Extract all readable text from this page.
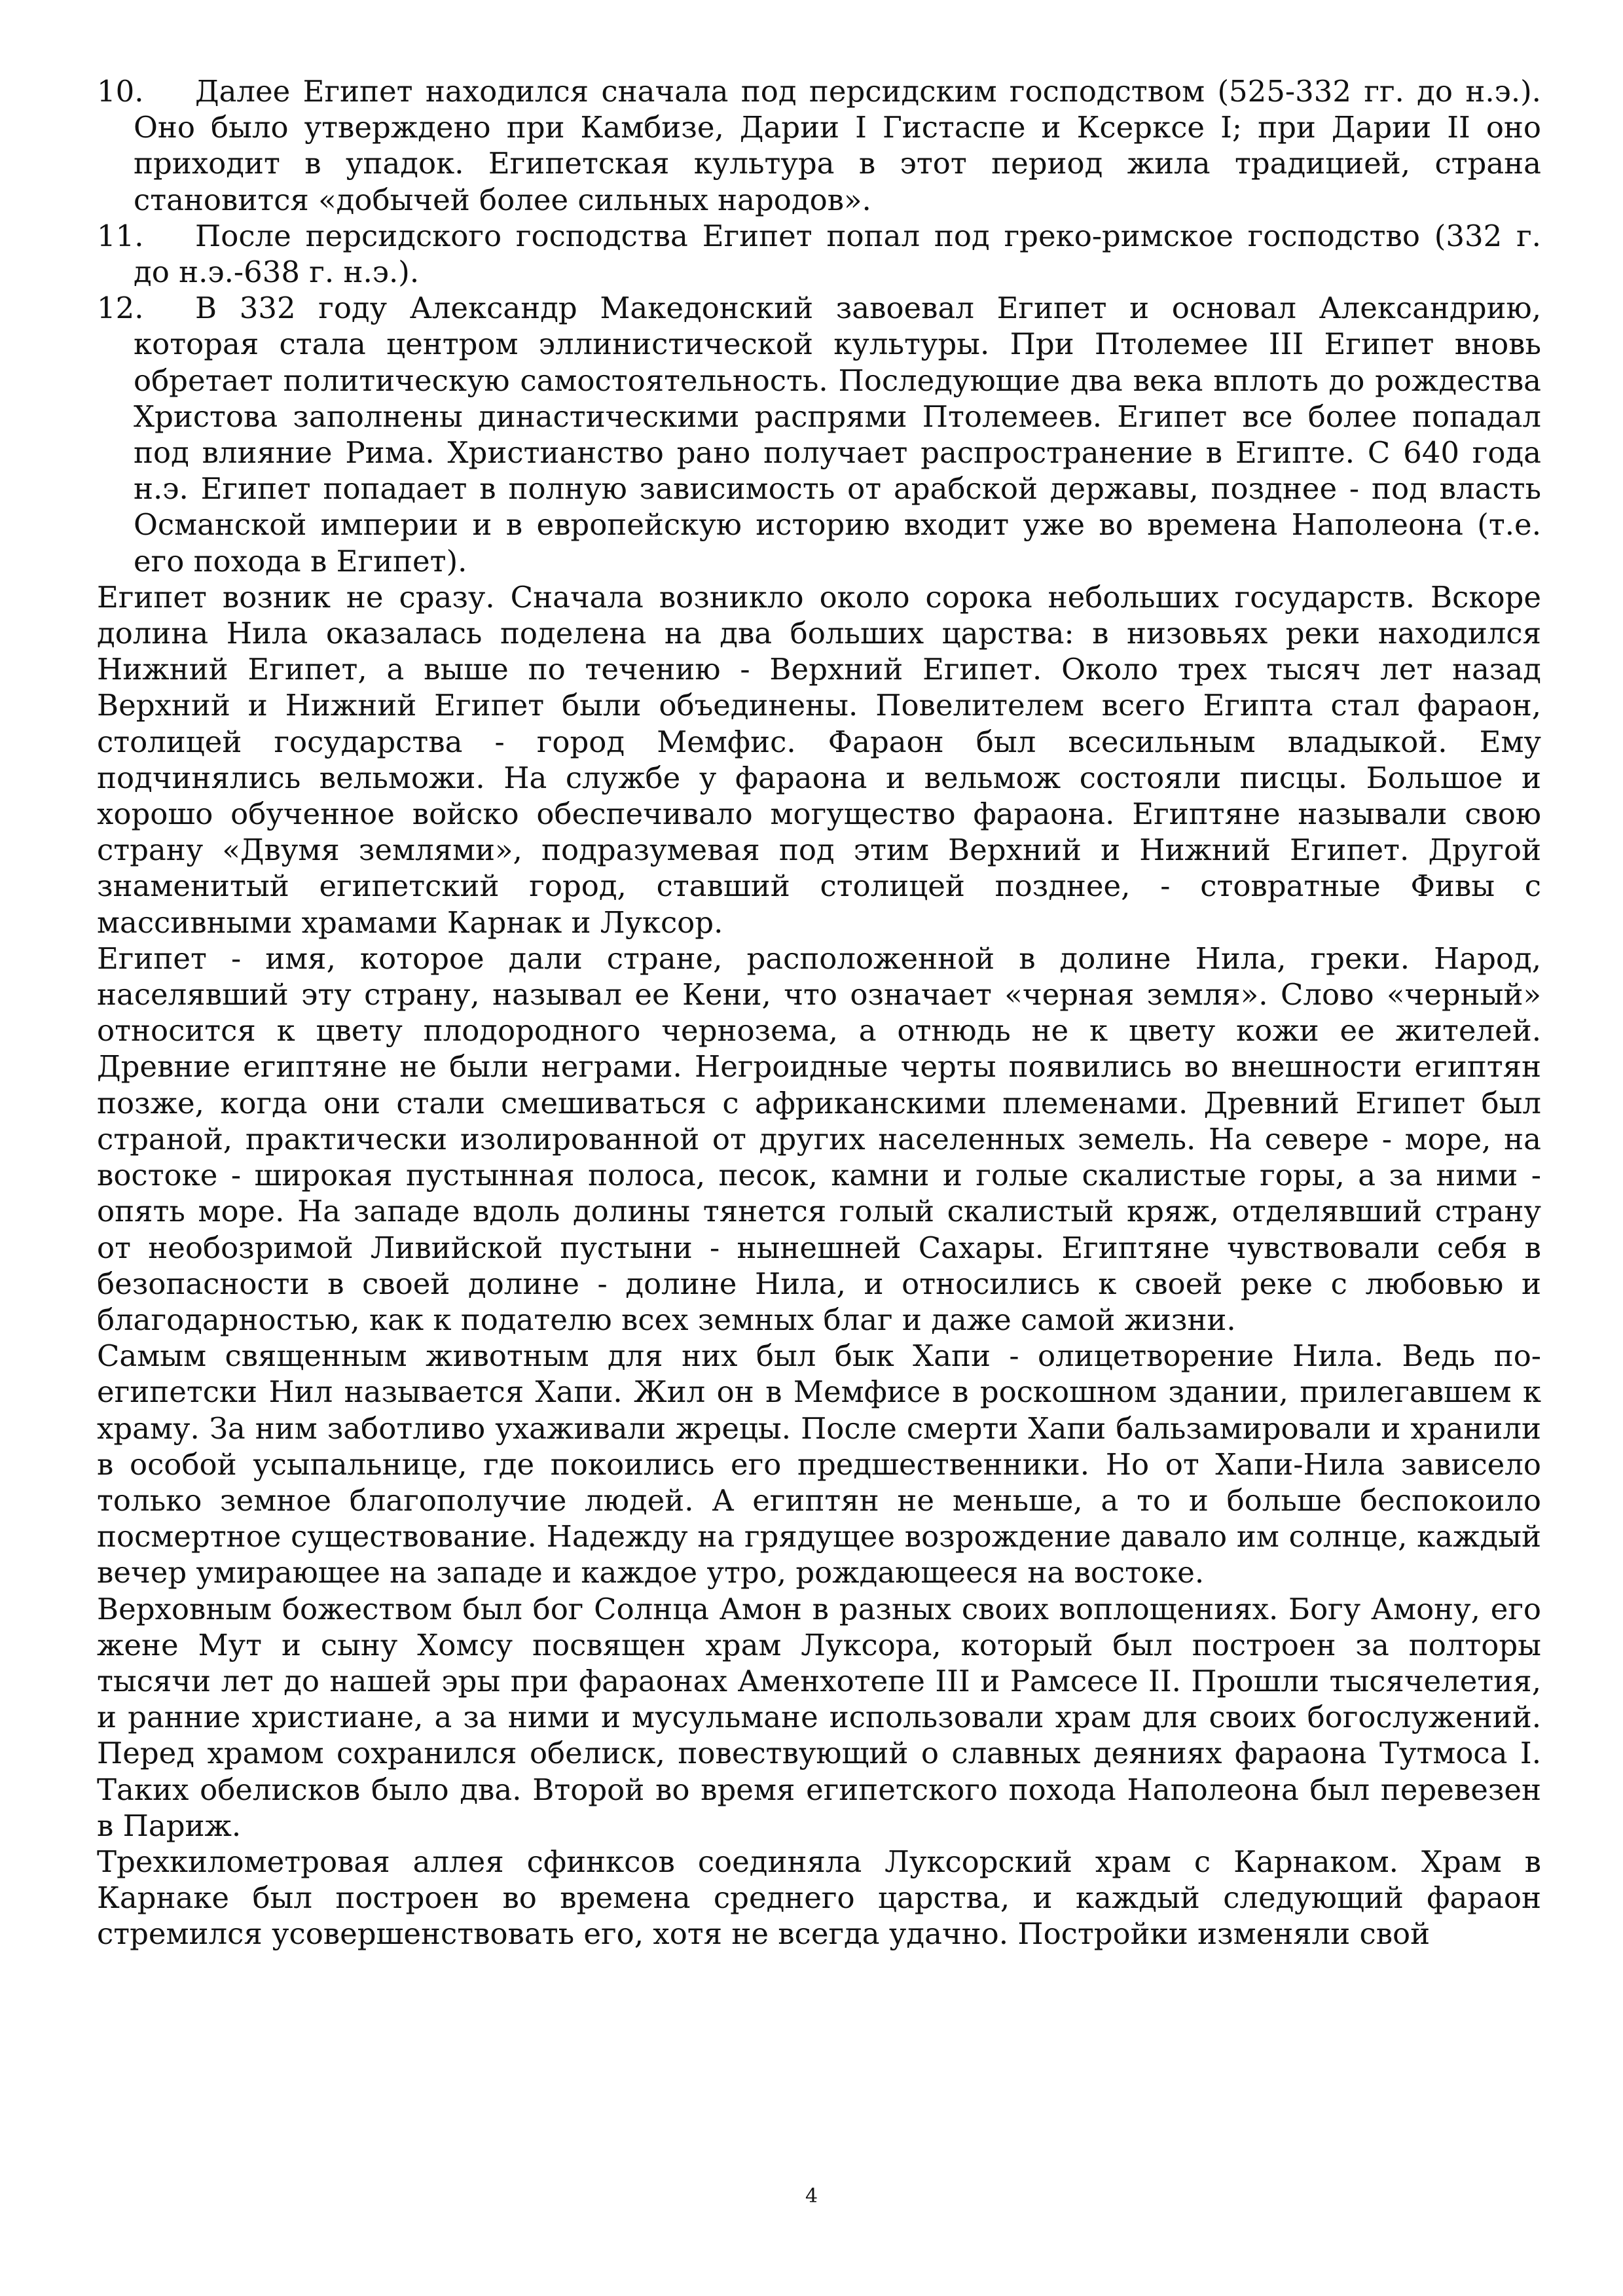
10.	Далее Египет находился сначала под персидским господством (525-332 гг. до н.э.). Оно было утверждено при Камбизе, Дарии I Гистаспе и Ксерксе I; при Дарии II оно приходит в упадок. Египетская культура в этот период жила традицией, страна становится «добычей более сильных народов».
11.	После персидского господства Египет попал под греко-римское господство (332 г. до н.э.-638 г. н.э.).
12.	В 332 году Александр Македонский завоевал Египет и основал Александрию, которая стала центром эллинистической культуры. При Птолемее III Египет вновь обретает политическую самостоятельность. Последующие два века вплоть до рождества Христова заполнены династическими распрями Птолемеев. Египет все более попадал под влияние Рима. Христианство рано получает распространение в Египте. С 640 года н.э. Египет попадает в полную зависимость от арабской державы, позднее - под власть Османской империи и в европейскую историю входит уже во времена Наполеона (т.е. его похода в Египет).

Египет возник не сразу. Сначала возникло около сорока небольших государств. Вскоре долина Нила оказалась поделена на два больших царства: в низовьях реки находился Нижний Египет, а выше по течению - Верхний Египет. Около трех тысяч лет назад Верхний и Нижний Египет были объединены. Повелителем всего Египта стал фараон, столицей государства - город Мемфис. Фараон был всесильным владыкой. Ему подчинялись вельможи. На службе у фараона и вельмож состояли писцы. Большое и хорошо обученное войско обеспечивало могущество фараона. Египтяне называли свою страну «Двумя землями», подразумевая под этим Верхний и Нижний Египет. Другой знаменитый египетский город, ставший столицей позднее, - стовратные Фивы с массивными храмами Карнак и Луксор.

Египет - имя, которое дали стране, расположенной в долине Нила, греки. Народ, населявший эту страну, называл ее Кени, что означает «черная земля». Слово «черный» относится к цвету плодородного чернозема, а отнюдь не к цвету кожи ее жителей. Древние египтяне не были неграми. Негроидные черты появились во внешности египтян позже, когда они стали смешиваться с африканскими племенами. Древний Египет был страной, практически изолированной от других населенных земель. На севере - море, на востоке - широкая пустынная полоса, песок, камни и голые скалистые горы, а за ними - опять море. На западе вдоль долины тянется голый скалистый кряж, отделявший страну от необозримой Ливийской пустыни - нынешней Сахары. Египтяне чувствовали себя в безопасности в своей долине - долине Нила, и относились к своей реке с любовью и благодарностью, как к подателю всех земных благ и даже самой жизни.

Самым священным животным для них был бык Хапи - олицетворение Нила. Ведь по-египетски Нил называется Хапи. Жил он в Мемфисе в роскошном здании, прилегавшем к храму. За ним заботливо ухаживали жрецы. После смерти Хапи бальзамировали и хранили в особой усыпальнице, где покоились его предшественники. Но от Хапи-Нила зависело только земное благополучие людей. А египтян не меньше, а то и больше беспокоило посмертное существование. Надежду на грядущее возрождение давало им солнце, каждый вечер умирающее на западе и каждое утро, рождающееся на востоке.

Верховным божеством был бог Солнца Амон в разных своих воплощениях. Богу Амону, его жене Мут и сыну Хомсу посвящен храм Луксора, который был построен за полторы тысячи лет до нашей эры при фараонах Аменхотепе III и Рамсесе II. Прошли тысячелетия, и ранние христиане, а за ними и мусульмане использовали храм для своих богослужений. Перед храмом сохранился обелиск, повествующий о славных деяниях фараона Тутмоса I. Таких обелисков было два. Второй во время египетского похода Наполеона был перевезен в Париж.

Трехкилометровая аллея сфинксов соединяла Луксорский храм с Карнаком. Храм в Карнаке был построен во времена среднего царства, и каждый следующий фараон стремился усовершенствовать его, хотя не всегда удачно. Постройки изменяли свой

4
